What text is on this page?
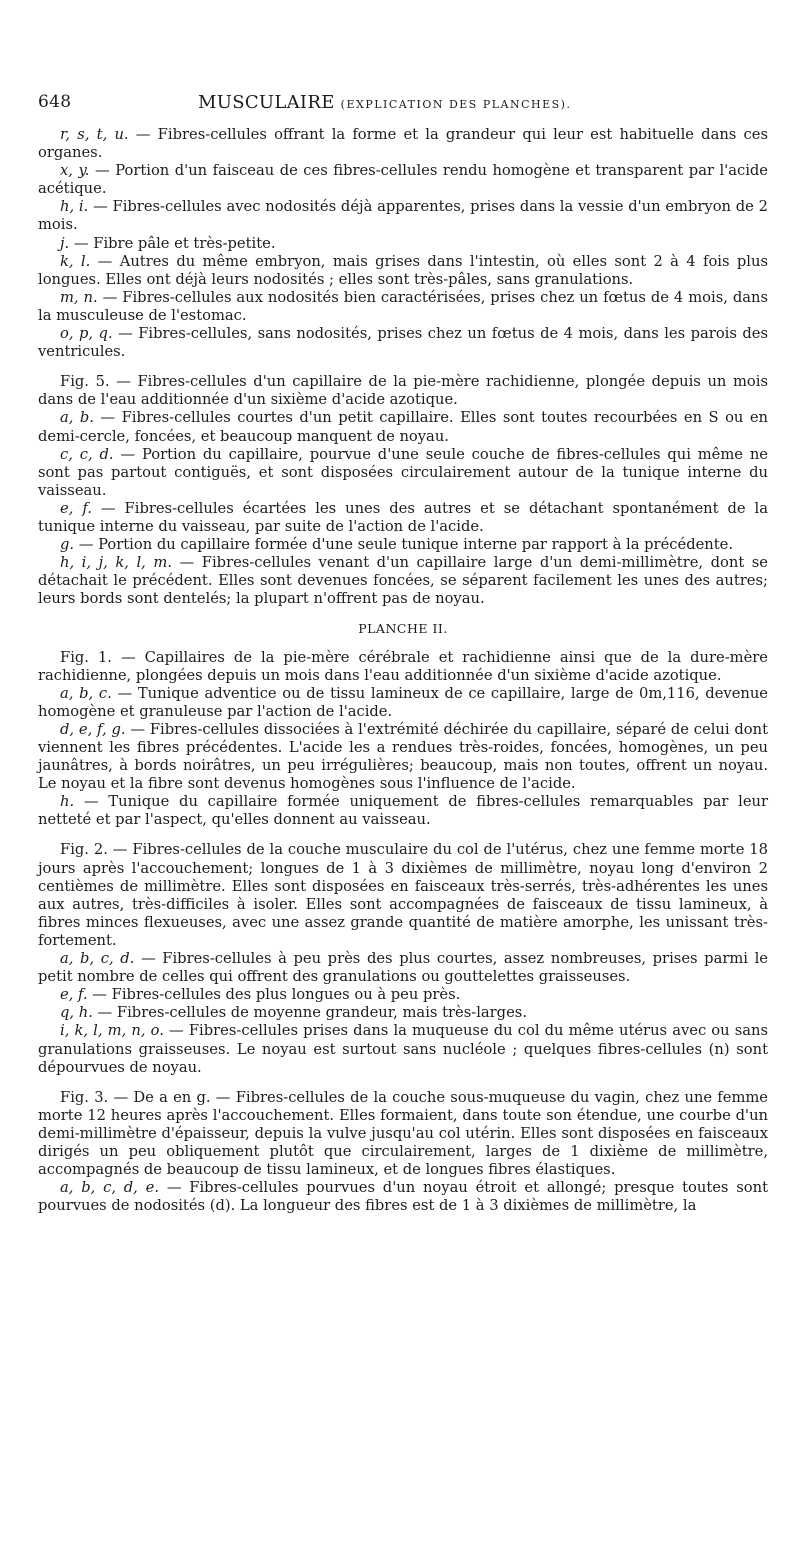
648	MUSCULAIRE (EXPLICATION DES PLANCHES).

r, s, t, u. — Fibres-cellules offrant la forme et la grandeur qui leur est habituelle dans ces organes.

x, y. — Portion d'un faisceau de ces fibres-cellules rendu homogène et transparent par l'acide acétique.

h, i. — Fibres-cellules avec nodosités déjà apparentes, prises dans la vessie d'un embryon de 2 mois.

j. — Fibre pâle et très-petite.

k, l. — Autres du même embryon, mais grises dans l'intestin, où elles sont 2 à 4 fois plus longues. Elles ont déjà leurs nodosités ; elles sont très-pâles, sans granulations.

m, n. — Fibres-cellules aux nodosités bien caractérisées, prises chez un fœtus de 4 mois, dans la musculeuse de l'estomac.

o, p, q. — Fibres-cellules, sans nodosités, prises chez un fœtus de 4 mois, dans les parois des ventricules.

Fig. 5. — Fibres-cellules d'un capillaire de la pie-mère rachidienne, plongée depuis un mois dans de l'eau additionnée d'un sixième d'acide azotique.

a, b. — Fibres-cellules courtes d'un petit capillaire. Elles sont toutes recourbées en S ou en demi-cercle, foncées, et beaucoup manquent de noyau.

c, c, d. — Portion du capillaire, pourvue d'une seule couche de fibres-cellules qui même ne sont pas partout contiguës, et sont disposées circulairement autour de la tunique interne du vaisseau.

e, f. — Fibres-cellules écartées les unes des autres et se détachant spontanément de la tunique interne du vaisseau, par suite de l'action de l'acide.

g. — Portion du capillaire formée d'une seule tunique interne par rapport à la précédente.

h, i, j, k, l, m. — Fibres-cellules venant d'un capillaire large d'un demi-millimètre, dont se détachait le précédent. Elles sont devenues foncées, se séparent facilement les unes des autres; leurs bords sont dentelés; la plupart n'offrent pas de noyau.

PLANCHE II.

Fig. 1. — Capillaires de la pie-mère cérébrale et rachidienne ainsi que de la dure-mère rachidienne, plongées depuis un mois dans l'eau additionnée d'un sixième d'acide azotique.

a, b, c. — Tunique adventice ou de tissu lamineux de ce capillaire, large de 0m,116, devenue homogène et granuleuse par l'action de l'acide.

d, e, f, g. — Fibres-cellules dissociées à l'extrémité déchirée du capillaire, séparé de celui dont viennent les fibres précédentes. L'acide les a rendues très-roides, foncées, homogènes, un peu jaunâtres, à bords noirâtres, un peu irrégulières; beaucoup, mais non toutes, offrent un noyau. Le noyau et la fibre sont devenus homogènes sous l'influence de l'acide.

h. — Tunique du capillaire formée uniquement de fibres-cellules remarquables par leur netteté et par l'aspect, qu'elles donnent au vaisseau.

Fig. 2. — Fibres-cellules de la couche musculaire du col de l'utérus, chez une femme morte 18 jours après l'accouchement; longues de 1 à 3 dixièmes de millimètre, noyau long d'environ 2 centièmes de millimètre. Elles sont disposées en faisceaux très-serrés, très-adhérentes les unes aux autres, très-difficiles à isoler. Elles sont accompagnées de faisceaux de tissu lamineux, à fibres minces flexueuses, avec une assez grande quantité de matière amorphe, les unissant très-fortement.

a, b, c, d. — Fibres-cellules à peu près des plus courtes, assez nombreuses, prises parmi le petit nombre de celles qui offrent des granulations ou gouttelettes graisseuses.

e, f. — Fibres-cellules des plus longues ou à peu près.

q, h. — Fibres-cellules de moyenne grandeur, mais très-larges.

i, k, l, m, n, o. — Fibres-cellules prises dans la muqueuse du col du même utérus avec ou sans granulations graisseuses. Le noyau est surtout sans nucléole ; quelques fibres-cellules (n) sont dépourvues de noyau.

Fig. 3. — De a en g. — Fibres-cellules de la couche sous-muqueuse du vagin, chez une femme morte 12 heures après l'accouchement. Elles formaient, dans toute son étendue, une courbe d'un demi-millimètre d'épaisseur, depuis la vulve jusqu'au col utérin. Elles sont disposées en faisceaux dirigés un peu obliquement plutôt que circulairement, larges de 1 dixième de millimètre, accompagnés de beaucoup de tissu lamineux, et de longues fibres élastiques.

a, b, c, d, e. — Fibres-cellules pourvues d'un noyau étroit et allongé; presque toutes sont pourvues de nodosités (d). La longueur des fibres est de 1 à 3 dixièmes de millimètre, la
